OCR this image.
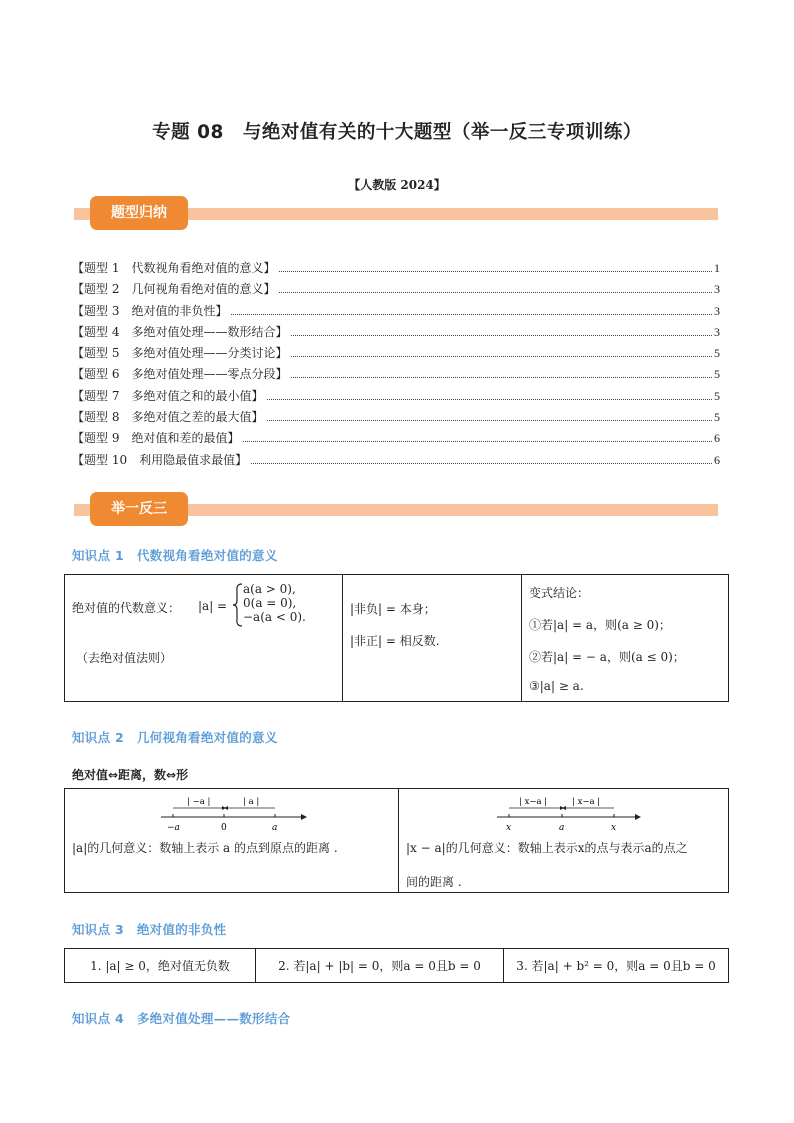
专题 08　与绝对值有关的十大题型（举一反三专项训练）
【人教版 2024】
题型归纳
【题型 1　代数视角看绝对值的意义】	1
【题型 2　几何视角看绝对值的意义】	3
【题型 3　绝对值的非负性】	3
【题型 4　多绝对值处理——数形结合】	3
【题型 5　多绝对值处理——分类讨论】	5
【题型 6　多绝对值处理——零点分段】	5
【题型 7　多绝对值之和的最小值】	5
【题型 8　多绝对值之差的最大值】	5
【题型 9　绝对值和差的最值】	6
【题型 10　利用隐最值求最值】	6
举一反三
知识点 1　代数视角看绝对值的意义
绝对值的代数意义： |a| =
a(a > 0),
0(a = 0),
−a(a < 0).
（去绝对值法则）

|非负| = 本身；
|非正| = 相反数.

变式结论：
①若|a| = a，则(a ≥ 0)；
②若|a| = − a，则(a ≤ 0)；
③|a| ≥ a.
知识点 2　几何视角看绝对值的意义
绝对值⇔距离，数⇔形
| −a |	| a |
−a	0	a
|a|的几何意义：数轴上表示 a 的点到原点的距离 .

| x−a |	| x−a |
x	a	x
|x − a|的几何意义：数轴上表示x的点与表示a的点之
间的距离 .
知识点 3　绝对值的非负性
1. |a| ≥ 0，绝对值无负数	2. 若|a| + |b| = 0，则a = 0且b = 0	3. 若|a| + b² = 0，则a = 0且b = 0
知识点 4　多绝对值处理——数形结合
